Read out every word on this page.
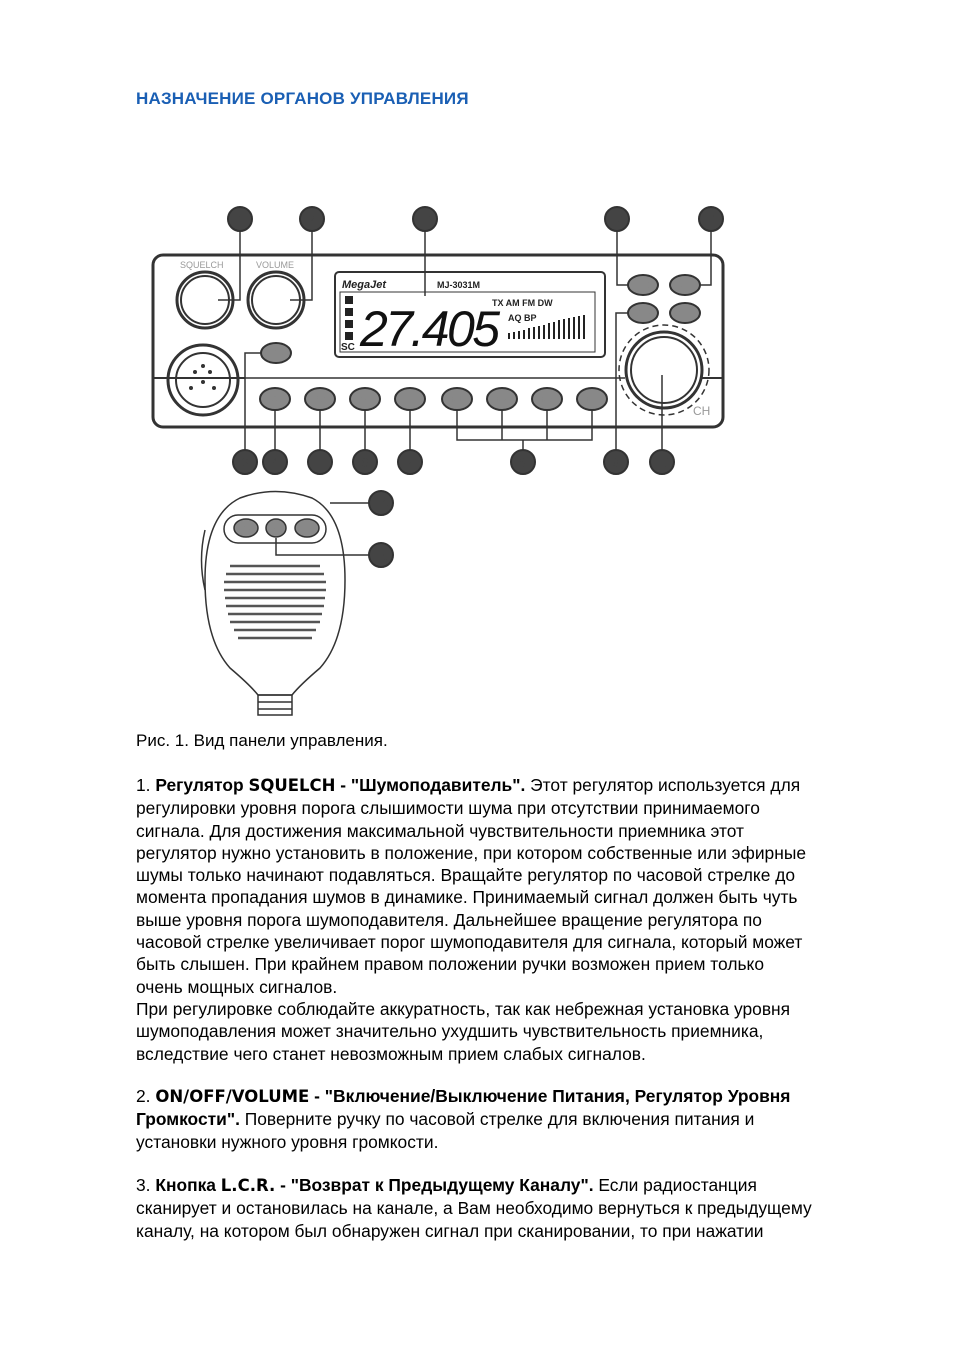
НАЗНАЧЕНИЕ ОРГАНОВ УПРАВЛЕНИЯ
SQUELCH	VOLUME
MegaJet	MJ-3031M
SC 27.405
TX AM FM DW
AQ BP
LCR
ASQ	SC	A/F	DW	M1	M2	M3	M4
FRQ	BEP
CH9	CH19
CH
1	2	13	12	11
3 4	5	6	7	8	9	10
14
15
ON	AQ	BP
Рис. 1. Вид панели управления.
1. Регулятор SQUELCH - "Шумоподавитель". Этот регулятор используется для
регулировки уровня порога слышимости шума при отсутствии принимаемого
сигнала. Для достижения максимальной чувствительности приемника этот
регулятор нужно установить в положение, при котором собственные или эфирные
шумы только начинают подавляться. Вращайте регулятор по часовой стрелке до
момента пропадания шумов в динамике. Принимаемый сигнал должен быть чуть
выше уровня порога шумоподавителя. Дальнейшее вращение регулятора по
часовой стрелке увеличивает порог шумоподавителя для сигнала, который может
быть слышен. При крайнем правом положении ручки возможен прием только
очень мощных сигналов.
При регулировке соблюдайте аккуратность, так как небрежная установка уровня
шумоподавления может значительно ухудшить чувствительность приемника,
вследствие чего станет невозможным прием слабых сигналов.
2. ON/OFF/VOLUME - "Включение/Выключение Питания, Регулятор Уровня
Громкости". Поверните ручку по часовой стрелке для включения питания и
установки нужного уровня громкости.
3. Кнопка L.C.R. - "Возврат к Предыдущему Каналу". Если радиостанция
сканирует и остановилась на канале, а Вам необходимо вернуться к предыдущему
каналу, на котором был обнаружен сигнал при сканировании, то при нажатии
